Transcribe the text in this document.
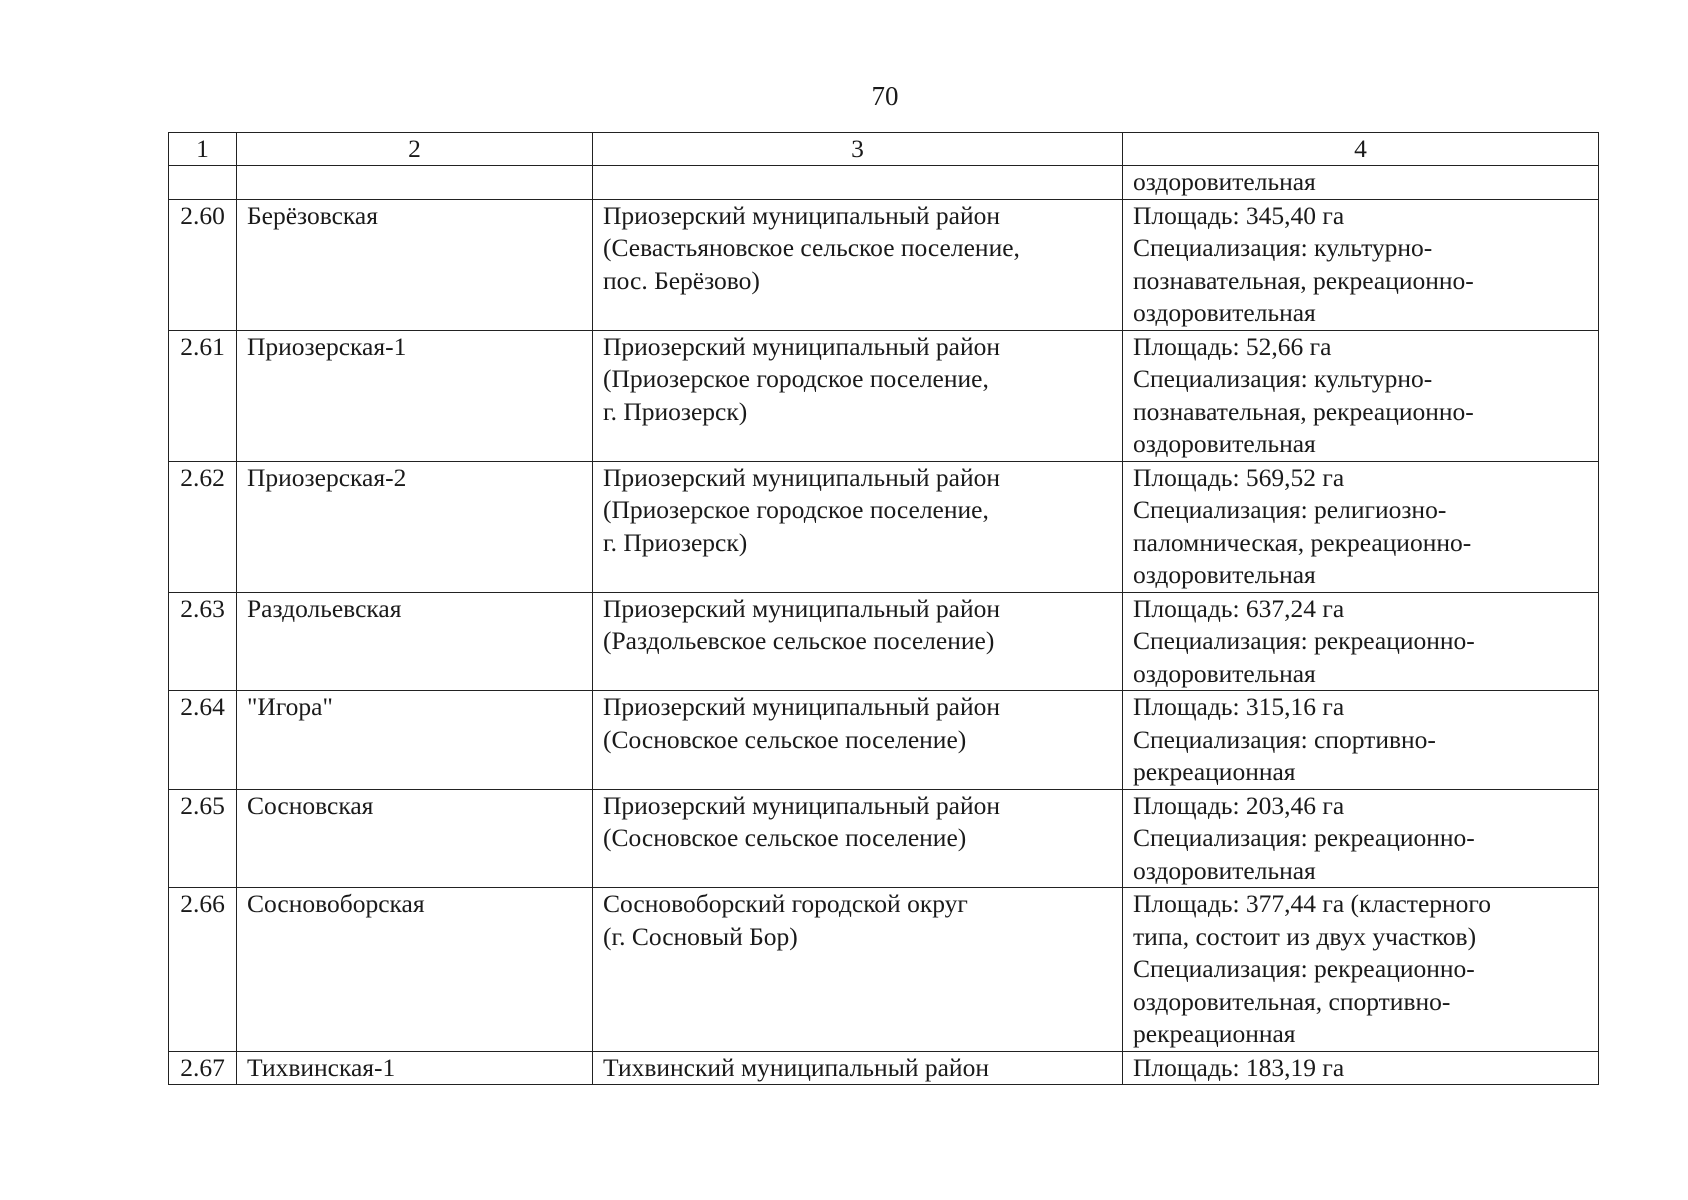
70
1	2	3	4

			оздоровительная

2.60	Берёзовская	Приозерский муниципальный район
(Севастьяновское сельское поселение,
пос. Берёзово)	Площадь: 345,40 га
Специализация: культурно-
познавательная, рекреационно-
оздоровительная

2.61	Приозерская-1	Приозерский муниципальный район
(Приозерское городское поселение,
г. Приозерск)	Площадь: 52,66 га
Специализация: культурно-
познавательная, рекреационно-
оздоровительная

2.62	Приозерская-2	Приозерский муниципальный район
(Приозерское городское поселение,
г. Приозерск)	Площадь: 569,52 га
Специализация: религиозно-
паломническая, рекреационно-
оздоровительная

2.63	Раздольевская	Приозерский муниципальный район
(Раздольевское сельское поселение)	Площадь: 637,24 га
Специализация: рекреационно-
оздоровительная

2.64	"Игора"	Приозерский муниципальный район
(Сосновское сельское поселение)	Площадь: 315,16 га
Специализация: спортивно-
рекреационная

2.65	Сосновская	Приозерский муниципальный район
(Сосновское сельское поселение)	Площадь: 203,46 га
Специализация: рекреационно-
оздоровительная

2.66	Сосновоборская	Сосновоборский городской округ
(г. Сосновый Бор)	Площадь: 377,44 га (кластерного
типа, состоит из двух участков)
Специализация: рекреационно-
оздоровительная, спортивно-
рекреационная

2.67	Тихвинская-1	Тихвинский муниципальный район	Площадь: 183,19 га
